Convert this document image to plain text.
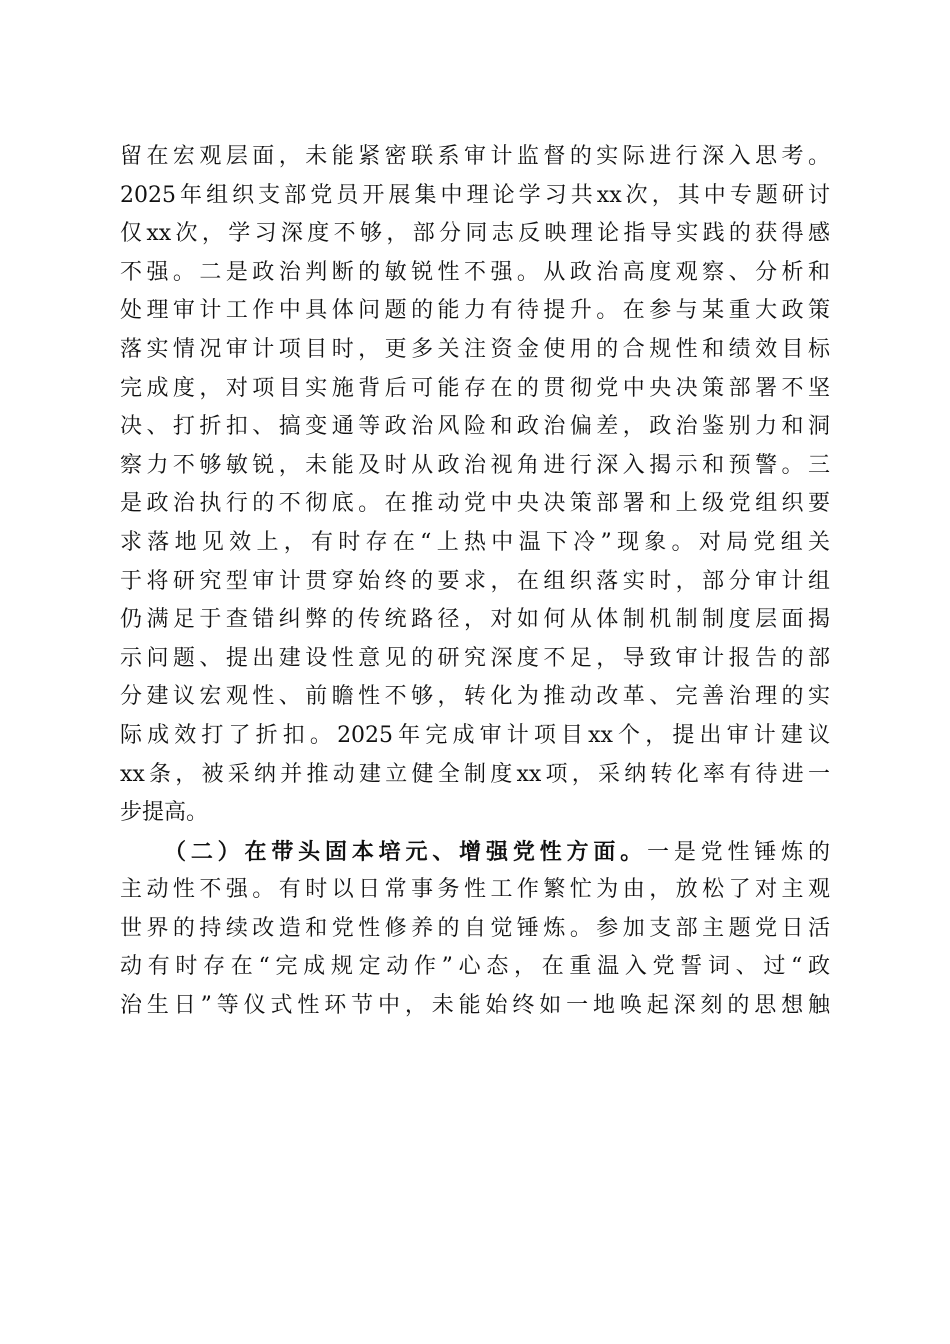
留在宏观层面，未能紧密联系审计监督的实际进行深入思考。
2025年组织支部党员开展集中理论学习共xx次，其中专题研讨
仅xx次，学习深度不够，部分同志反映理论指导实践的获得感
不强。二是政治判断的敏锐性不强。从政治高度观察、分析和
处理审计工作中具体问题的能力有待提升。在参与某重大政策
落实情况审计项目时，更多关注资金使用的合规性和绩效目标
完成度，对项目实施背后可能存在的贯彻党中央决策部署不坚
决、打折扣、搞变通等政治风险和政治偏差，政治鉴别力和洞
察力不够敏锐，未能及时从政治视角进行深入揭示和预警。三
是政治执行的不彻底。在推动党中央决策部署和上级党组织要
求落地见效上，有时存在“上热中温下冷”现象。对局党组关
于将研究型审计贯穿始终的要求，在组织落实时，部分审计组
仍满足于查错纠弊的传统路径，对如何从体制机制制度层面揭
示问题、提出建设性意见的研究深度不足，导致审计报告的部
分建议宏观性、前瞻性不够，转化为推动改革、完善治理的实
际成效打了折扣。2025年完成审计项目xx个，提出审计建议
xx条，被采纳并推动建立健全制度xx项，采纳转化率有待进一
步提高。
（二）在带头固本培元、增强党性方面。一是党性锤炼的
主动性不强。有时以日常事务性工作繁忙为由，放松了对主观
世界的持续改造和党性修养的自觉锤炼。参加支部主题党日活
动有时存在“完成规定动作”心态，在重温入党誓词、过“政
治生日”等仪式性环节中，未能始终如一地唤起深刻的思想触
